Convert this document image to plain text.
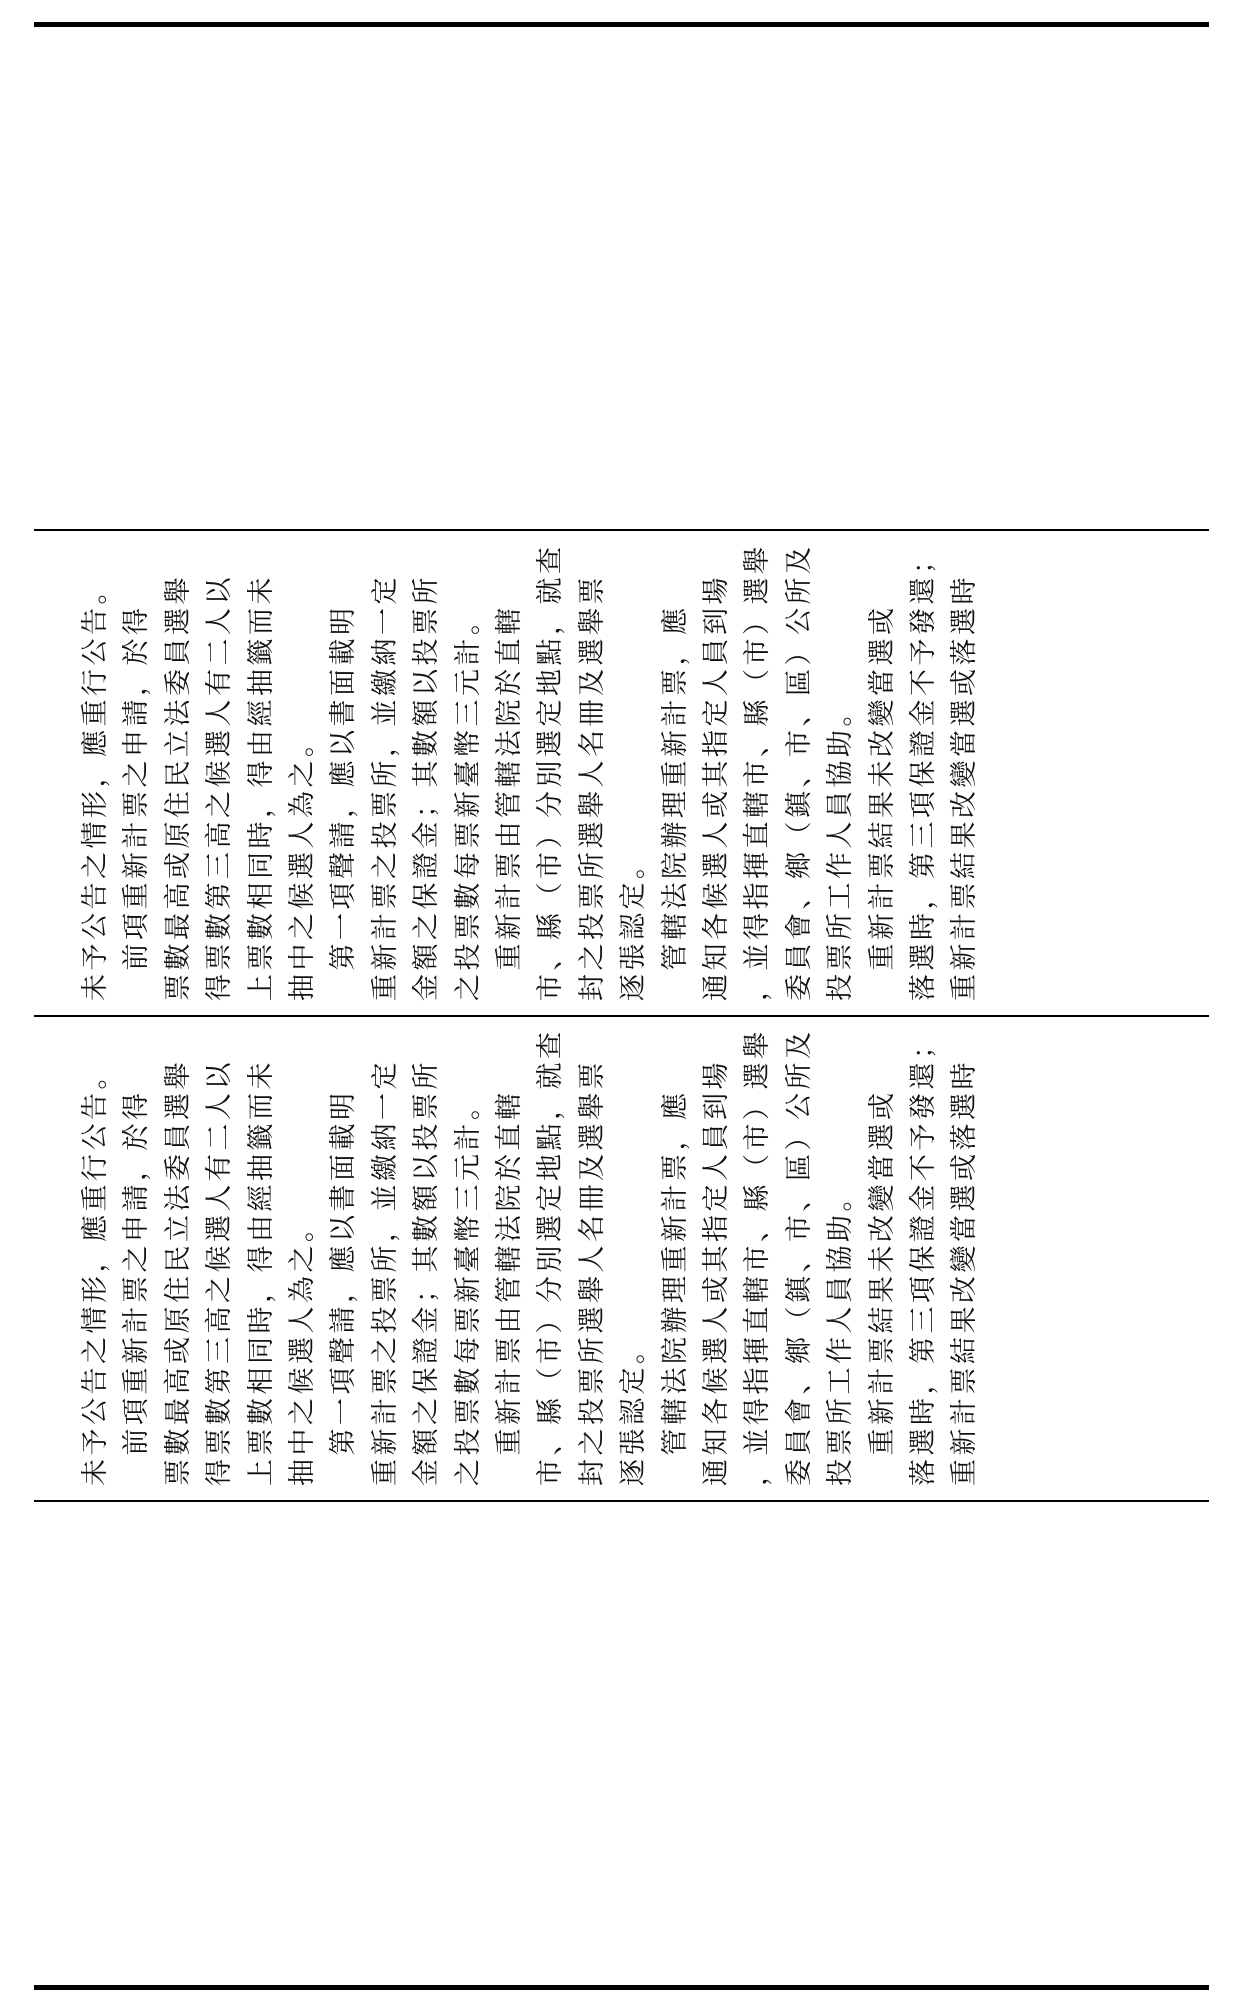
未予公告之情形，應重行公告。 　前項重新計票之申請，於得 票數最高或原住民立法委員選舉 得票數第三高之候選人有二人以 上票數相同時，得由經抽籤而未 抽中之候選人為之。 　第一項聲請，應以書面載明 重新計票之投票所，並繳納一定 金額之保證金；其數額以投票所 之投票數每票新臺幣三元計。 　重新計票由管轄法院於直轄 市、縣（市）分別選定地點，就查 封之投票所選舉人名冊及選舉票 逐張認定。 　管轄法院辦理重新計票，應 通知各候選人或其指定人員到場 ，並得指揮直轄市、縣（市）選舉 委員會、鄉（鎮、市、區）公所及 投票所工作人員協助。 　重新計票結果未改變當選或 落選時，第三項保證金不予發還； 重新計票結果改變當選或落選時
未予公告之情形，應重行公告。 　前項重新計票之申請，於得 票數最高或原住民立法委員選舉 得票數第三高之候選人有二人以 上票數相同時，得由經抽籤而未 抽中之候選人為之。 　第一項聲請，應以書面載明 重新計票之投票所，並繳納一定 金額之保證金；其數額以投票所 之投票數每票新臺幣三元計。 　重新計票由管轄法院於直轄 市、縣（市）分別選定地點，就查 封之投票所選舉人名冊及選舉票 逐張認定。 　管轄法院辦理重新計票，應 通知各候選人或其指定人員到場 ，並得指揮直轄市、縣（市）選舉 委員會、鄉（鎮、市、區）公所及 投票所工作人員協助。 　重新計票結果未改變當選或 落選時，第三項保證金不予發還； 重新計票結果改變當選或落選時
